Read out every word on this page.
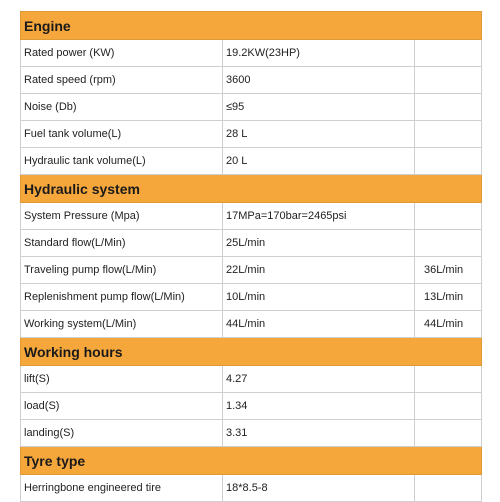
Engine		
Rated power (KW)	19.2KW(23HP)	
Rated speed (rpm)	3600	
Noise (Db)	≤95	
Fuel tank volume(L)	28 L	
Hydraulic tank volume(L)	20 L	
Hydraulic system		
System Pressure (Mpa)	17MPa=170bar=2465psi	
Standard flow(L/Min)	25L/min	
Traveling pump flow(L/Min)	22L/min	36L/min
Replenishment pump flow(L/Min)	10L/min	13L/min
Working system(L/Min)	44L/min	44L/min
Working hours		
lift(S)	4.27	
load(S)	1.34	
landing(S)	3.31	
Tyre type		
Herringbone engineered tire	18*8.5-8	
